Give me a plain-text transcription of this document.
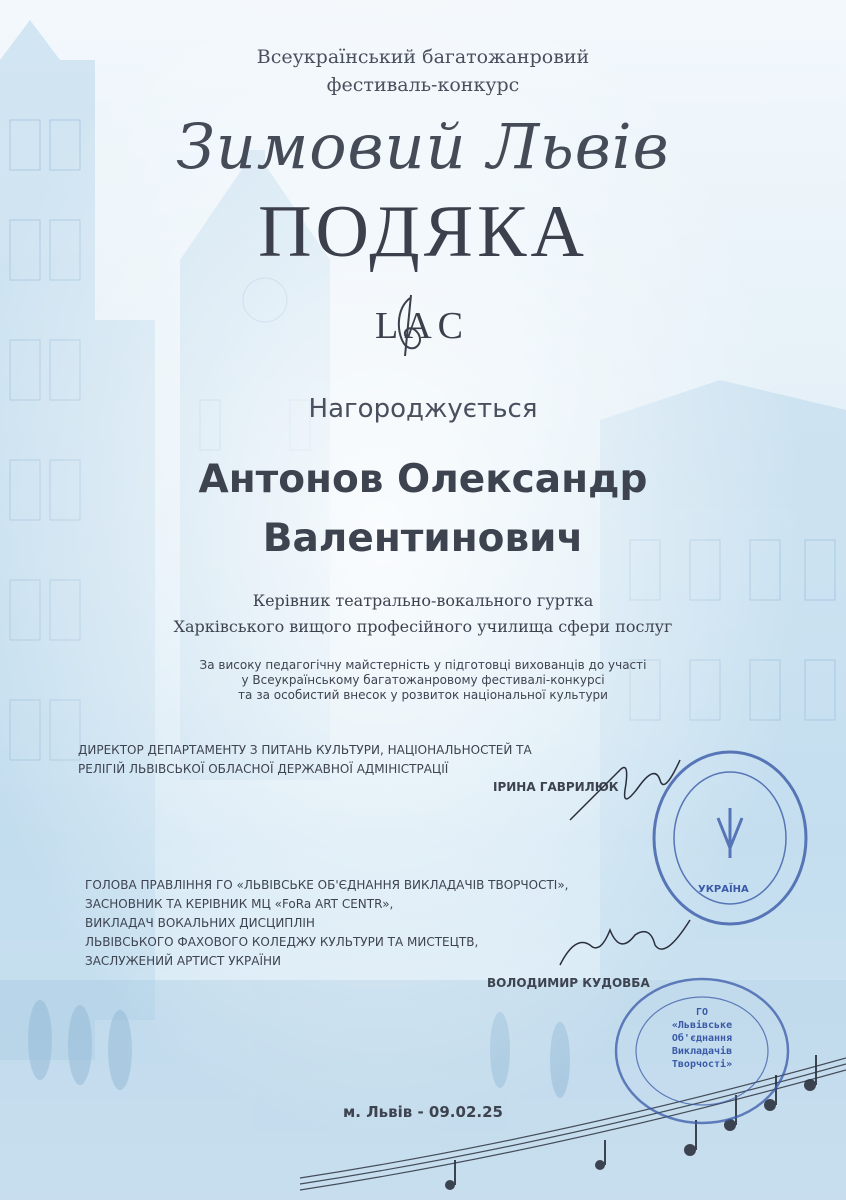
Всеукраїнський багатожанровий
фестиваль-конкурс
Зимовий Львів
ПОДЯКА
LAC
Нагороджується
Антонов Олександр
Валентинович
Керівник театрально-вокального гуртка
Харківського вищого професійного училища сфери послуг
За високу педагогічну майстерність у підготовці вихованців до участі
у Всеукраїнському багатожанровому фестивалі-конкурсі
та за особистий внесок у розвиток національної культури
ДИРЕКТОР ДЕПАРТАМЕНТУ З ПИТАНЬ КУЛЬТУРИ, НАЦІОНАЛЬНОСТЕЙ ТА
РЕЛІГІЙ ЛЬВІВСЬКОЇ ОБЛАСНОЇ ДЕРЖАВНОЇ АДМІНІСТРАЦІЇ
ІРИНА ГАВРИЛЮК
УКРАЇНА
ГОЛОВА ПРАВЛІННЯ ГО «ЛЬВІВСЬКЕ ОБ'ЄДНАННЯ ВИКЛАДАЧІВ ТВОРЧОСТІ»,
ЗАСНОВНИК ТА КЕРІВНИК МЦ «FoRa ART CENTR»,
ВИКЛАДАЧ ВОКАЛЬНИХ ДИСЦИПЛІН
ЛЬВІВСЬКОГО ФАХОВОГО КОЛЕДЖУ КУЛЬТУРИ ТА МИСТЕЦТВ,
ЗАСЛУЖЕНИЙ АРТИСТ УКРАЇНИ
ВОЛОДИМИР КУДОВБА
ГО
«Львівське
Об'єднання
Викладачів
Творчості»
м. Львів - 09.02.25
